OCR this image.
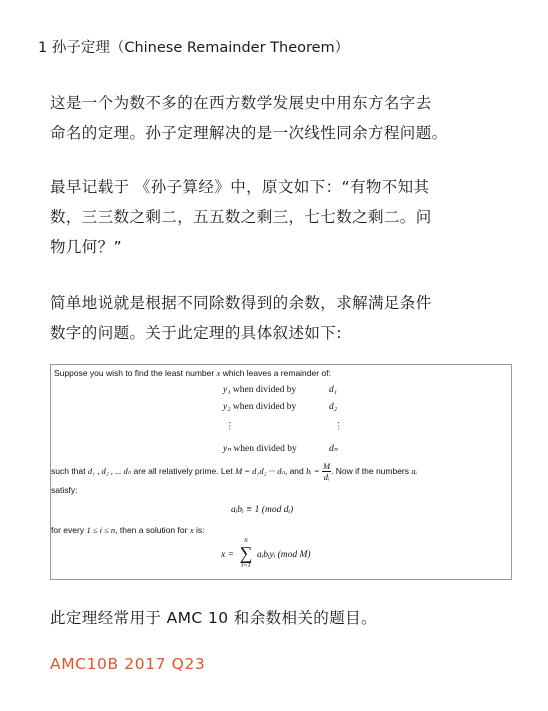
1 孙子定理（Chinese Remainder Theorem）
这是一个为数不多的在西方数学发展史中用东方名字去
命名的定理。孙子定理解决的是一次线性同余方程问题。
最早记载于 《孙子算经》中，原文如下：“有物不知其
数，三三数之剩二，五五数之剩三，七七数之剩二。问
物几何？”
简单地说就是根据不同除数得到的余数，求解满足条件
数字的问题。关于此定理的具体叙述如下:
Suppose you wish to find the least number x which leaves a remainder of:
y₁ when divided by	d₁
y₂ when divided by	d₂
⋮	⋮
yₙ when divided by	dₙ
such that d₁ , d₂ , ... dₙ are all relatively prime. Let M = d₁d₂ ··· dₙ, and bᵢ = $\frac{M}{\text{dᵢ}}$ . Now if the numbers aᵢ
satisfy:
aᵢbᵢ ≡ 1 (mod dᵢ)
for every 1 ≤ i ≤ n, then a solution for x is:
x =
n
∑
i=1
aᵢbᵢyᵢ (mod M)
此定理经常用于 AMC 10 和余数相关的题目。
AMC10B 2017 Q23
